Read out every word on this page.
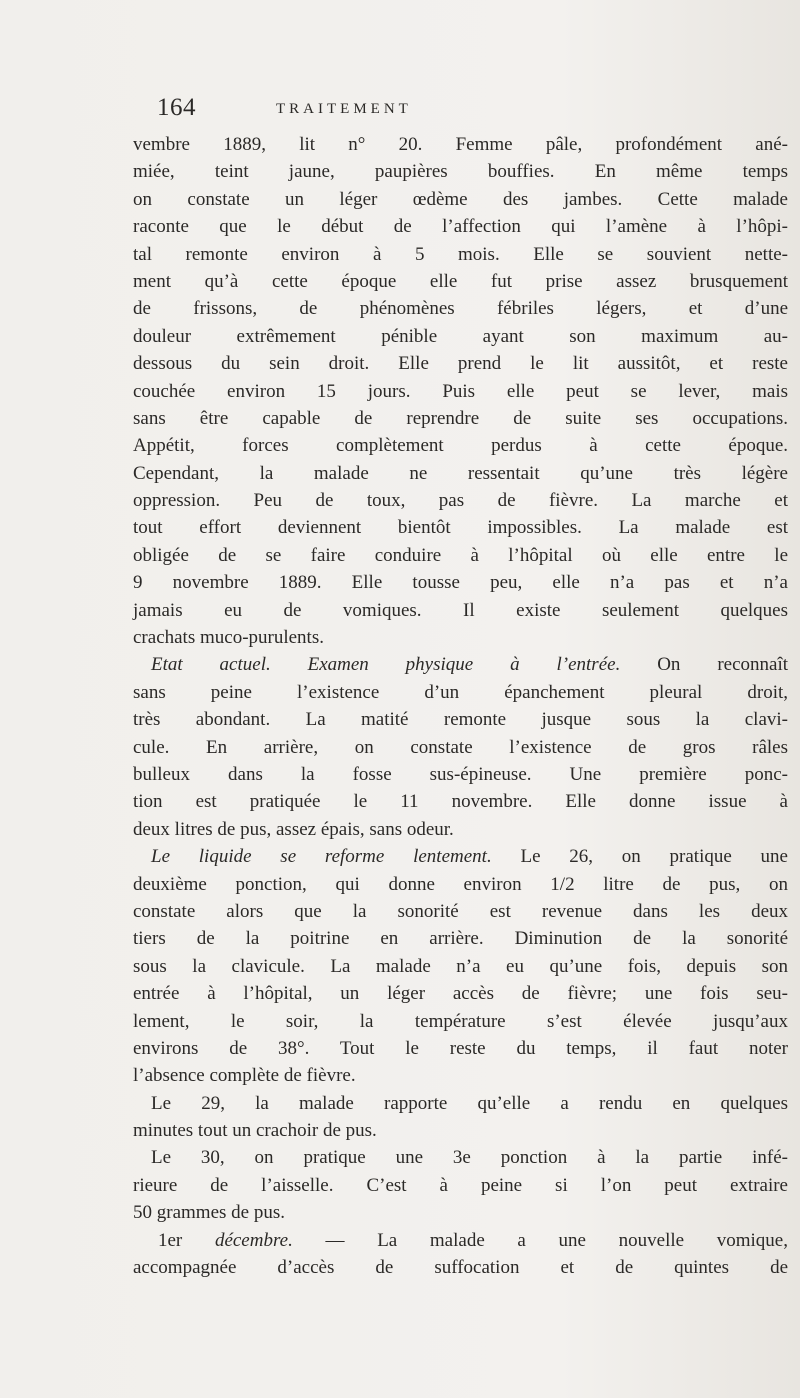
164	TRAITEMENT
vembre 1889, lit n° 20. Femme pâle, profondément ané-
miée, teint jaune, paupières bouffies. En même temps
on constate un léger œdème des jambes. Cette malade
raconte que le début de l’affection qui l’amène à l’hôpi-
tal remonte environ à 5 mois. Elle se souvient nette-
ment qu’à cette époque elle fut prise assez brusquement
de frissons, de phénomènes fébriles légers, et d’une
douleur extrêmement pénible ayant son maximum au-
dessous du sein droit. Elle prend le lit aussitôt, et reste
couchée environ 15 jours. Puis elle peut se lever, mais
sans être capable de reprendre de suite ses occupations.
Appétit, forces complètement perdus à cette époque.
Cependant, la malade ne ressentait qu’une très légère
oppression. Peu de toux, pas de fièvre. La marche et
tout effort deviennent bientôt impossibles. La malade est
obligée de se faire conduire à l’hôpital où elle entre le
9 novembre 1889. Elle tousse peu, elle n’a pas et n’a
jamais eu de vomiques. Il existe seulement quelques
crachats muco-purulents.
Etat actuel. Examen physique à l’entrée. On reconnaît
sans peine l’existence d’un épanchement pleural droit,
très abondant. La matité remonte jusque sous la clavi-
cule. En arrière, on constate l’existence de gros râles
bulleux dans la fosse sus-épineuse. Une première ponc-
tion est pratiquée le 11 novembre. Elle donne issue à
deux litres de pus, assez épais, sans odeur.
Le liquide se reforme lentement. Le 26, on pratique une
deuxième ponction, qui donne environ 1/2 litre de pus, on
constate alors que la sonorité est revenue dans les deux
tiers de la poitrine en arrière. Diminution de la sonorité
sous la clavicule. La malade n’a eu qu’une fois, depuis son
entrée à l’hôpital, un léger accès de fièvre; une fois seu-
lement, le soir, la température s’est élevée jusqu’aux
environs de 38°. Tout le reste du temps, il faut noter
l’absence complète de fièvre.
Le 29, la malade rapporte qu’elle a rendu en quelques
minutes tout un crachoir de pus.
Le 30, on pratique une 3e ponction à la partie infé-
rieure de l’aisselle. C’est à peine si l’on peut extraire
50 grammes de pus.
1er décembre. — La malade a une nouvelle vomique,
accompagnée d’accès de suffocation et de quintes de
